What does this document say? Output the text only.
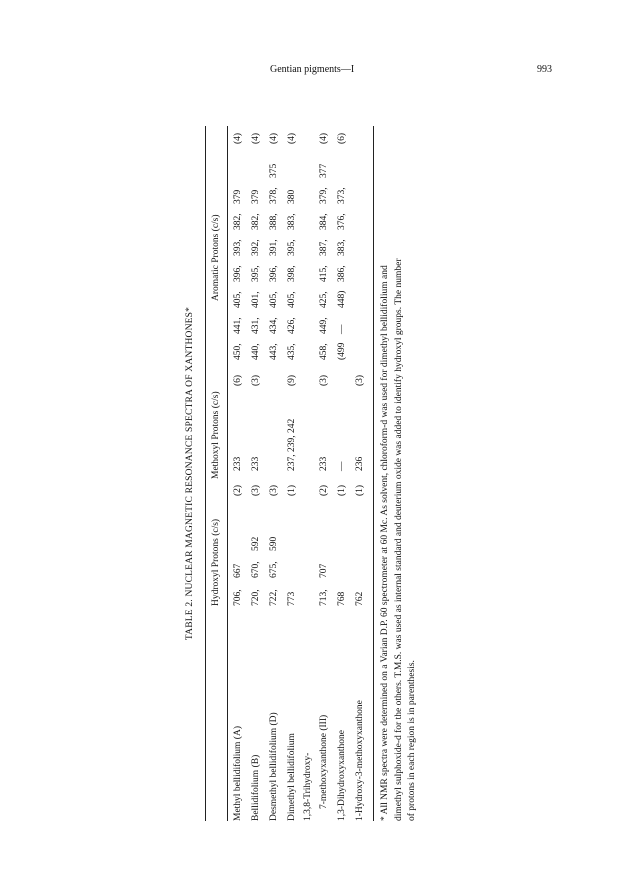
Gentian pigments—I	993
TABLE 2. NUCLEAR MAGNETIC RESONANCE SPECTRA OF XANTHONES* Hydroxyl Protons (c/s)
Methoxyl Protons (c/s)
Aromatic Protons (c/s)
Methyl bellidifolium (A)
706,
667
(2)
233
(6)
450,
441,
405,
396,
393,
382,
379
(4)
Bellidifolium (B)
720,
670,
592
(3)
233
(3)
440,
431,
401,
395,
392,
382,
379
(4)
Desmethyl bellidifolium (D)
722,
675,
590
(3)
443,
434,
405,
396,
391,
388,
378,
375
(4)
Dimethyl bellidifolium
773
(1)
237, 239, 242
(9)
435,
426,
405,
398,
395,
383,
380
(4)
1,3,8-Trihydroxy- 7-methoxyxanthone (III)
713,
707
(2)
233
(3)
458,
449,
425,
415,
387,
384,
379,
377
(4)
1,3-Dihydroxyxanthone
768
(1)
—
(499
—
448)
386,
383,
376,
373,
(6)
1-Hydroxy-3-methoxyxanthone
762
(1)
236
(3) * All NMR spectra were determined on a Varian D.P. 60 spectrometer at 60 Mc. As solvent, chloroform-d was used for dimethyl bellidifolium and dimethyl sulphoxide-d for the others. T.M.S. was used as internal standard and deuterium oxide was added to identify hydroxyl groups. The number of protons in each region is in parenthesis.
